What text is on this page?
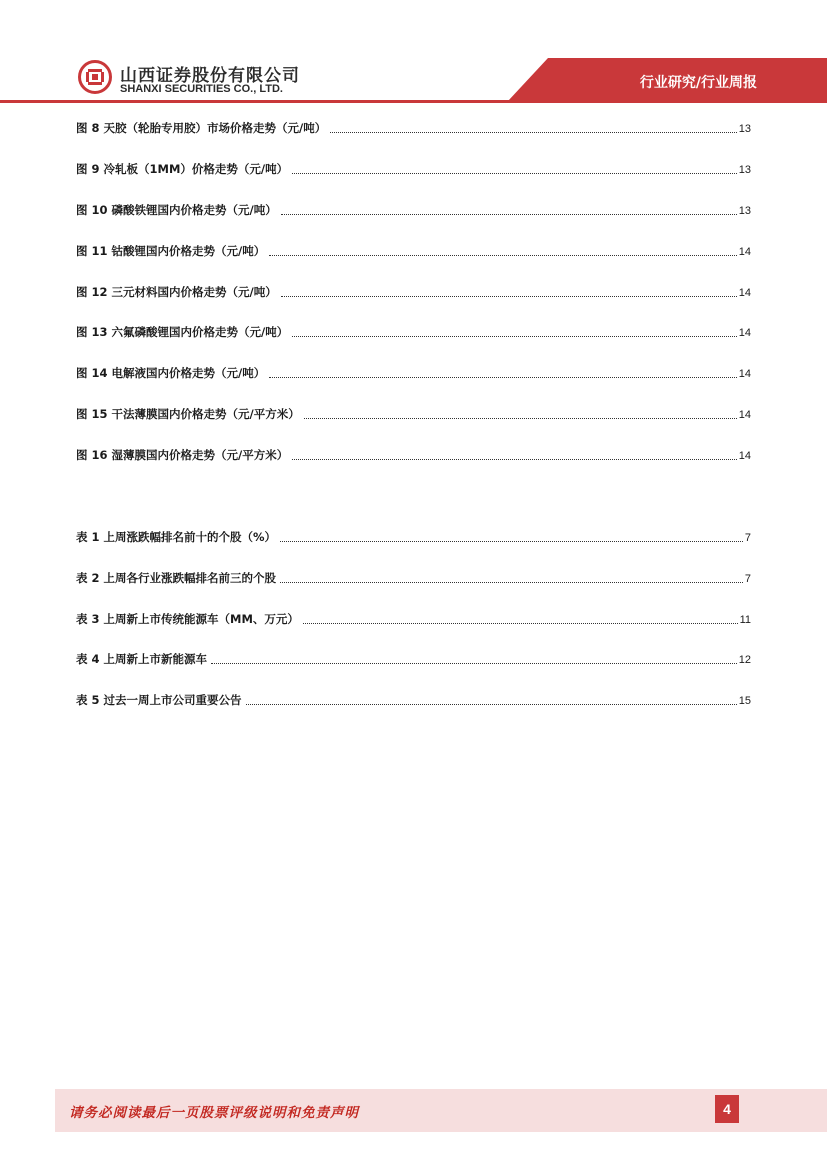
山西证券股份有限公司
SHANXI SECURITIES CO., LTD.	行业研究/行业周报
图 8 天胶（轮胎专用胶）市场价格走势（元/吨）	13
图 9 冷轧板（1MM）价格走势（元/吨）	13
图 10 磷酸铁锂国内价格走势（元/吨）	13
图 11 钴酸锂国内价格走势（元/吨）	14
图 12 三元材料国内价格走势（元/吨）	14
图 13 六氟磷酸锂国内价格走势（元/吨）	14
图 14 电解液国内价格走势（元/吨）	14
图 15 干法薄膜国内价格走势（元/平方米）	14
图 16 湿薄膜国内价格走势（元/平方米）	14
表 1 上周涨跌幅排名前十的个股（%）	7
表 2 上周各行业涨跌幅排名前三的个股	7
表 3 上周新上市传统能源车（MM、万元）	11
表 4 上周新上市新能源车	12
表 5 过去一周上市公司重要公告	15
请务必阅读最后一页股票评级说明和免责声明	4
